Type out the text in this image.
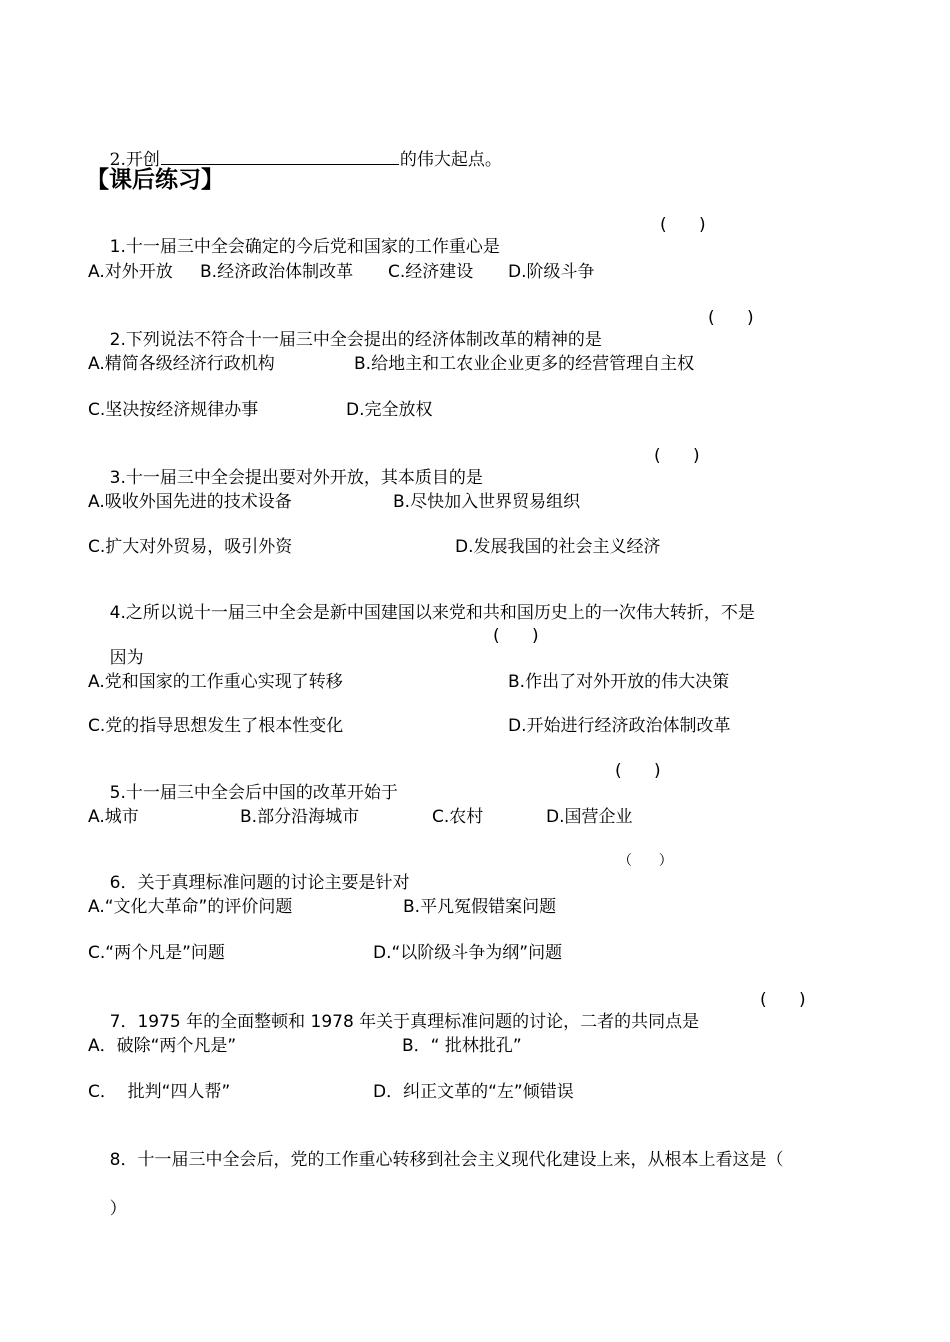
2.开创	的伟大起点。

【课后练习】

1.十一届三中全会确定的今后党和国家的工作重心是

(      )

A.对外开放

B.经济政治体制改革

C.经济建设

D.阶级斗争

2.下列说法不符合十一届三中全会提出的经济体制改革的精神的是

(      )

A.精简各级经济行政机构

	B.给地主和工农业企业更多的经营管理自主权

C.坚决按经济规律办事

	D.完全放权

3.十一届三中全会提出要对外开放，其本质目的是

(      )

A.吸收外国先进的技术设备

	B.尽快加入世界贸易组织

C.扩大对外贸易，吸引外资

	D.发展我国的社会主义经济

4.之所以说十一届三中全会是新中国建国以来党和共和国历史上的一次伟大转折，不是

因为

(      )

A.党和国家的工作重心实现了转移

	B.作出了对外开放的伟大决策

C.党的指导思想发生了根本性变化

	D.开始进行经济政治体制改革

5.十一届三中全会后中国的改革开始于

(      )

A.城市

	B.部分沿海城市

	C.农村

	D.国营企业

6．关于真理标准问题的讨论主要是针对

（      ）

A.“文化大革命”的评价问题

	B.平凡冤假错案问题

C.“两个凡是”问题

	D.“以阶级斗争为纲”问题

7．1975 年的全面整顿和 1978 年关于真理标准问题的讨论，二者的共同点是

(      )

A．破除“两个凡是”

	B．“ 批林批孔”

C．  批判“四人帮”

	D．纠正文革的“左”倾错误

8．十一届三中全会后，党的工作重心转移到社会主义现代化建设上来，从根本上看这是（

）
